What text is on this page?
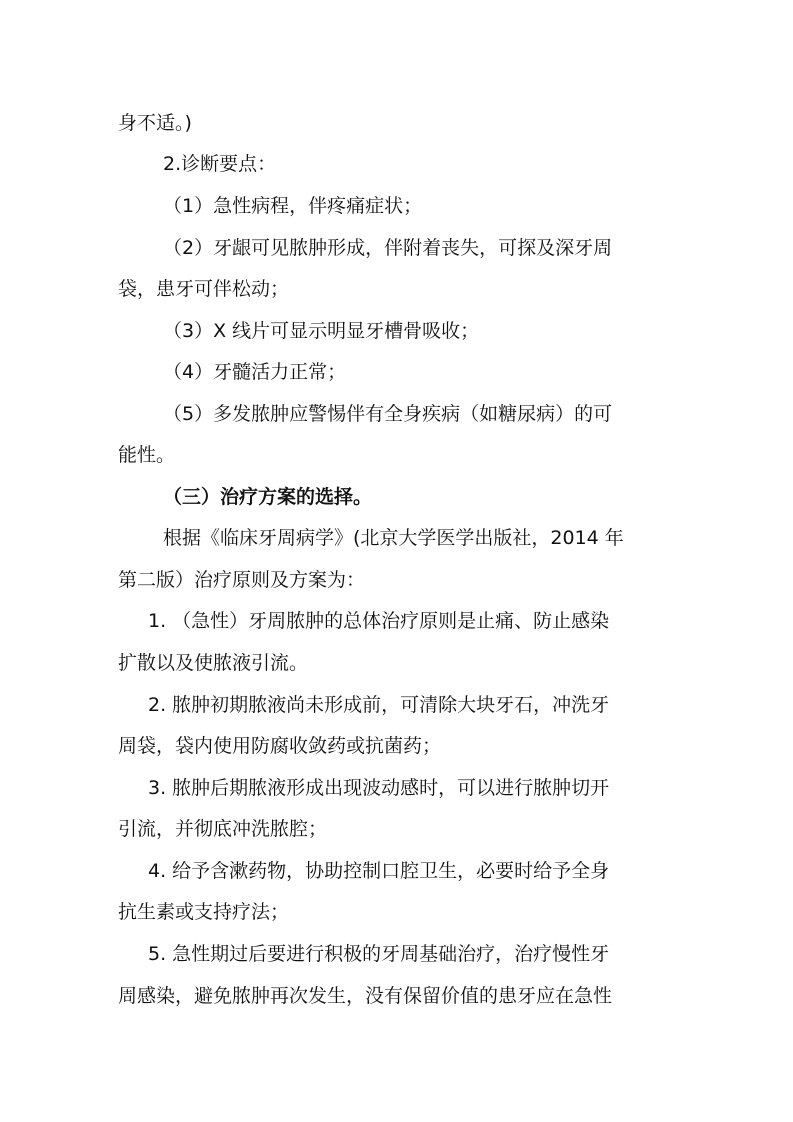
身不适。)
2.诊断要点：
（1）急性病程，伴疼痛症状；
（2）牙龈可见脓肿形成，伴附着丧失，可探及深牙周
袋，患牙可伴松动；
（3）X 线片可显示明显牙槽骨吸收；
（4）牙髓活力正常；
（5）多发脓肿应警惕伴有全身疾病（如糖尿病）的可
能性。
（三）治疗方案的选择。
根据《临床牙周病学》(北京大学医学出版社，2014 年
第二版）治疗原则及方案为：
1. （急性）牙周脓肿的总体治疗原则是止痛、防止感染
扩散以及使脓液引流。
2. 脓肿初期脓液尚未形成前，可清除大块牙石，冲洗牙
周袋，袋内使用防腐收敛药或抗菌药；
3. 脓肿后期脓液形成出现波动感时，可以进行脓肿切开
引流，并彻底冲洗脓腔；
4. 给予含漱药物，协助控制口腔卫生，必要时给予全身
抗生素或支持疗法；
5. 急性期过后要进行积极的牙周基础治疗，治疗慢性牙
周感染，避免脓肿再次发生，没有保留价值的患牙应在急性
